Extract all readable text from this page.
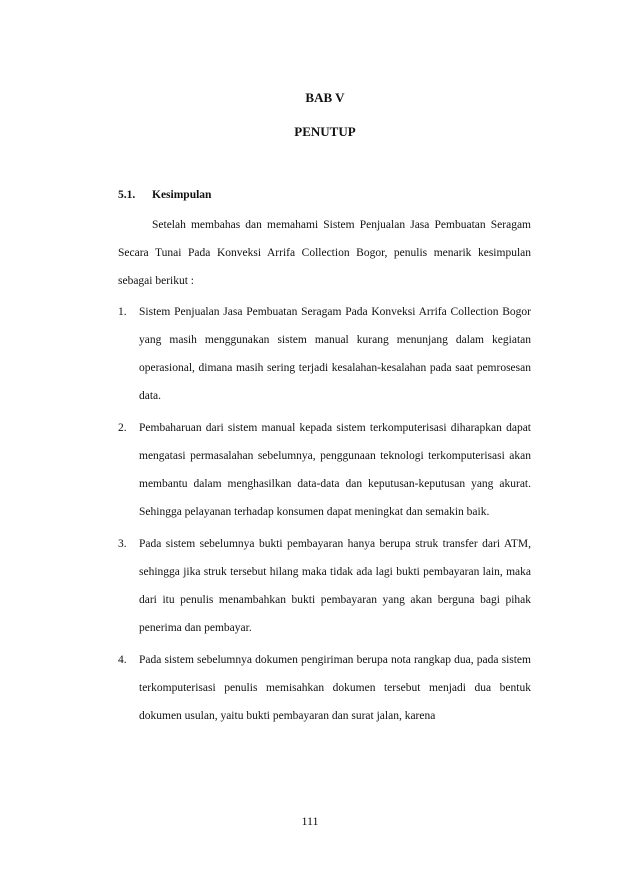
BAB V
PENUTUP
5.1. Kesimpulan

Setelah membahas dan memahami Sistem Penjualan Jasa Pembuatan Seragam Secara Tunai Pada Konveksi Arrifa Collection Bogor, penulis menarik kesimpulan sebagai berikut :

1. Sistem Penjualan Jasa Pembuatan Seragam Pada Konveksi Arrifa Collection Bogor yang masih menggunakan sistem manual kurang menunjang dalam kegiatan operasional, dimana masih sering terjadi kesalahan-kesalahan pada saat pemrosesan data.
2. Pembaharuan dari sistem manual kepada sistem terkomputerisasi diharapkan dapat mengatasi permasalahan sebelumnya, penggunaan teknologi terkomputerisasi akan membantu dalam menghasilkan data-data dan keputusan-keputusan yang akurat. Sehingga pelayanan terhadap konsumen dapat meningkat dan semakin baik.
3. Pada sistem sebelumnya bukti pembayaran hanya berupa struk transfer dari ATM, sehingga jika struk tersebut hilang maka tidak ada lagi bukti pembayaran lain, maka dari itu penulis menambahkan bukti pembayaran yang akan berguna bagi pihak penerima dan pembayar.
4. Pada sistem sebelumnya dokumen pengiriman berupa nota rangkap dua, pada sistem terkomputerisasi penulis memisahkan dokumen tersebut menjadi dua bentuk dokumen usulan, yaitu bukti pembayaran dan surat jalan, karena
111
